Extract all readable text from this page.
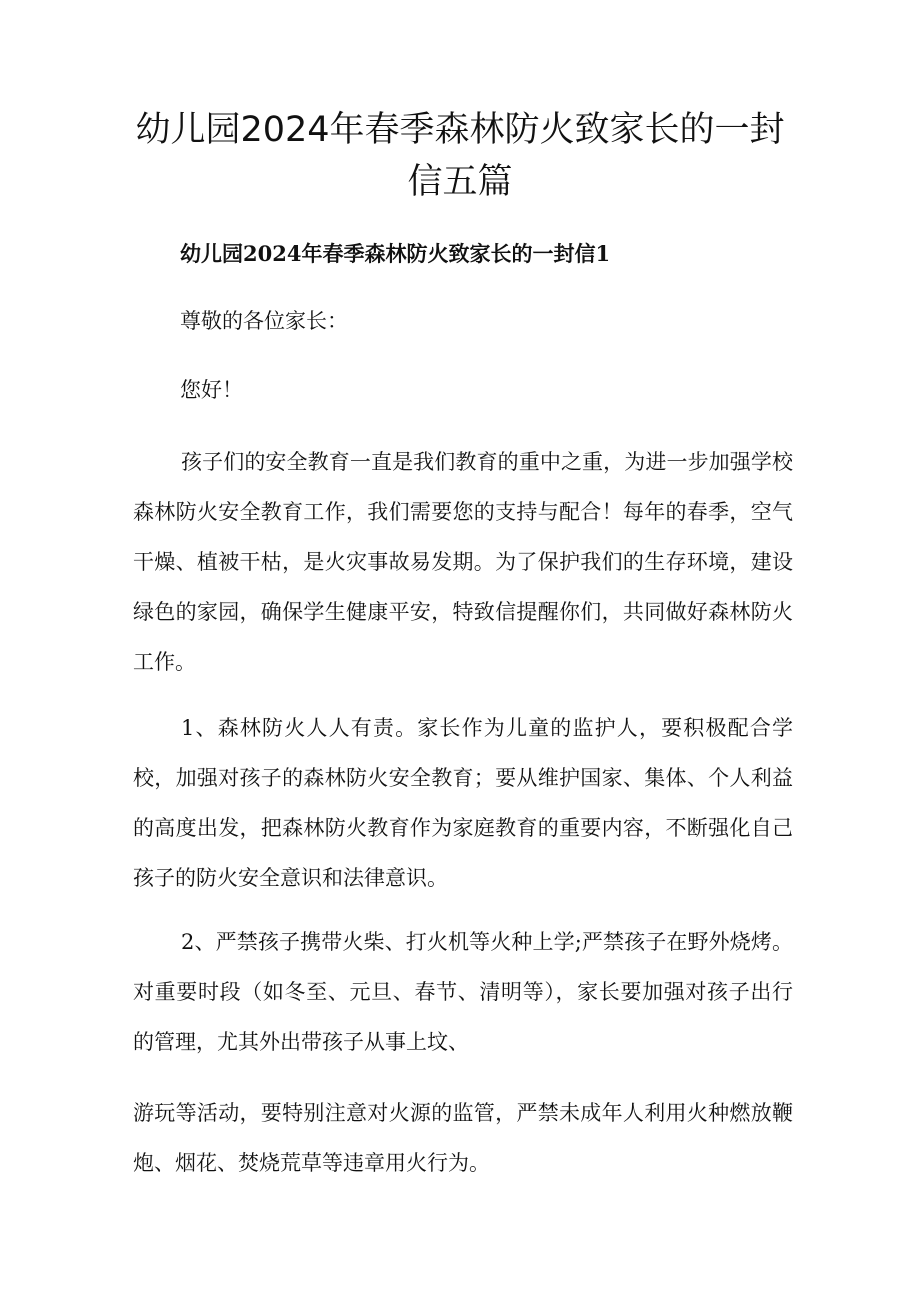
幼儿园2024年春季森林防火致家长的一封信五篇
幼儿园2024年春季森林防火致家长的一封信1

尊敬的各位家长：

您好！

孩子们的安全教育一直是我们教育的重中之重，为进一步加强学校森林防火安全教育工作，我们需要您的支持与配合！每年的春季，空气干燥、植被干枯，是火灾事故易发期。为了保护我们的生存环境，建设绿色的家园，确保学生健康平安，特致信提醒你们，共同做好森林防火工作。

1、森林防火人人有责。家长作为儿童的监护人，要积极配合学校，加强对孩子的森林防火安全教育；要从维护国家、集体、个人利益的高度出发，把森林防火教育作为家庭教育的重要内容，不断强化自己孩子的防火安全意识和法律意识。

2、严禁孩子携带火柴、打火机等火种上学;严禁孩子在野外烧烤。对重要时段（如冬至、元旦、春节、清明等），家长要加强对孩子出行的管理，尤其外出带孩子从事上坟、

游玩等活动，要特别注意对火源的监管，严禁未成年人利用火种燃放鞭炮、烟花、焚烧荒草等违章用火行为。
